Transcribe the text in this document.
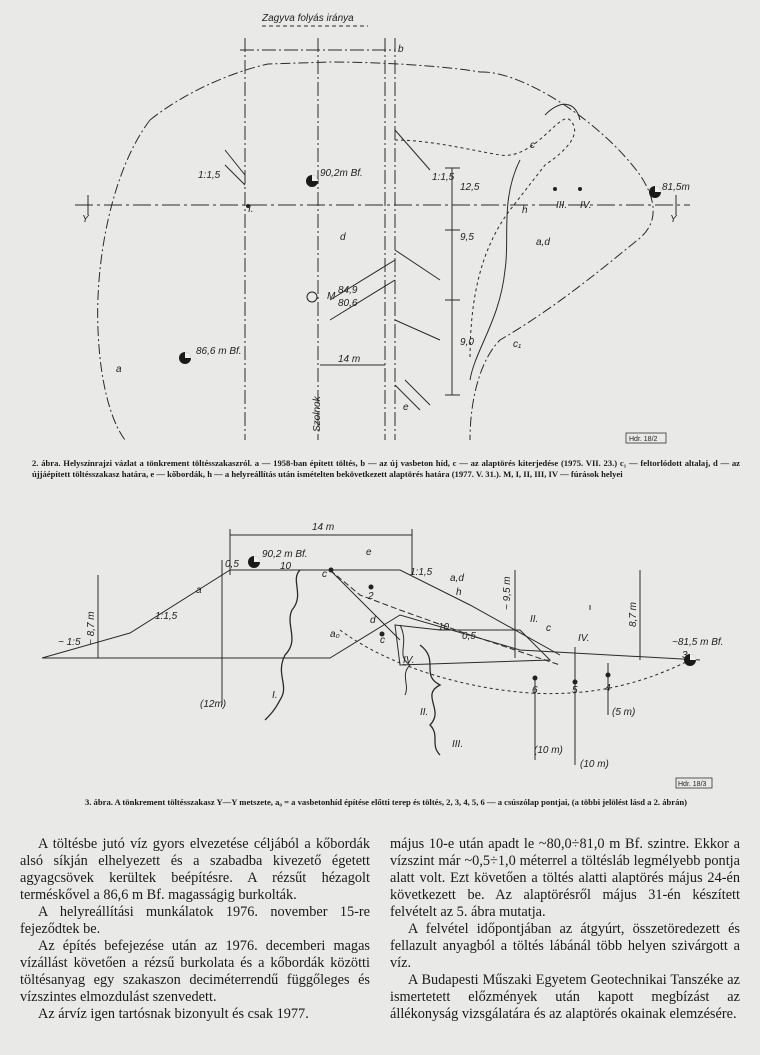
Zagyva folyás iránya
b
1:1,5	1:1,5
90,2m Bf.
I.
d
12,5
9,5
9,0
M
84,9
80,6
14 m
a
86,6 m Bf.
c
e
c₁
a,d
h	III. IV.
81,5m
Y	Y
Szolnok
Hdr. 18/2
2. ábra. Helyszínrajzi vázlat a tönkrement töltésszakaszról. a — 1958-ban épített töltés, b — az új vasbeton híd, c — az alaptörés kiterjedése (1975. VII. 23.) c₁ — feltorlódott altalaj, d — az újjáépített töltésszakasz határa, e — kőbordák, h — a helyreállítás után ismételten bekövetkezett alaptörés határa (1977. V. 31.). M, I, II, III, IV — fúrások helyei
14 m
90,2 m Bf.
0,5	10
c
a
1:1,5
~ 8,7 m
~ 1:5
a₀
I.
(12m)
e
1:1,5
a,d
h	~ 9,5 m
d
10
0,5
II.
c
c
IV.
8,7 m
IV.
3
~81,5 m Bf.
6	5	4
2
(10 m)
(10 m)
(5 m)
II.
III.
Hdr. 18/3
3. ábra. A tönkrement töltésszakasz Y—Y metszete, a₀ = a vasbetonhíd építése előtti terep és töltés, 2, 3, 4, 5, 6 — a csúszólap pontjai, (a többi jelölést lásd a 2. ábrán)

A töltésbe jutó víz gyors elvezetése céljából a kőbordák alsó síkján elhelyezett és a szabadba kivezető égetett agyagcsövek kerültek beépítésre. A rézsűt hézagolt terméskővel a 86,6 m Bf. magasságig burkolták.

A helyreállítási munkálatok 1976. november 15-re fejeződtek be.

Az építés befejezése után az 1976. decemberi magas vízállást követően a rézsű burkolata és a kőbordák közötti töltésanyag egy szakaszon deciméterrendű függőleges és vízszintes elmozdulást szenvedett.

Az árvíz igen tartósnak bizonyult és csak 1977.

május 10-e után apadt le ~80,0÷81,0 m Bf. szintre. Ekkor a vízszint már ~0,5÷1,0 méterrel a töltésláb legmélyebb pontja alatt volt. Ezt követően a töltés alatti alaptörés május 24-én következett be. Az alaptörésről május 31-én készített felvételt az 5. ábra mutatja.

A felvétel időpontjában az átgyúrt, összetöredezett és fellazult anyagból a töltés lábánál több helyen szivárgott a víz.

A Budapesti Műszaki Egyetem Geotechnikai Tanszéke az ismertetett előzmények után kapott megbízást az állékonyság vizsgálatára és az alaptörés okainak elemzésére.
